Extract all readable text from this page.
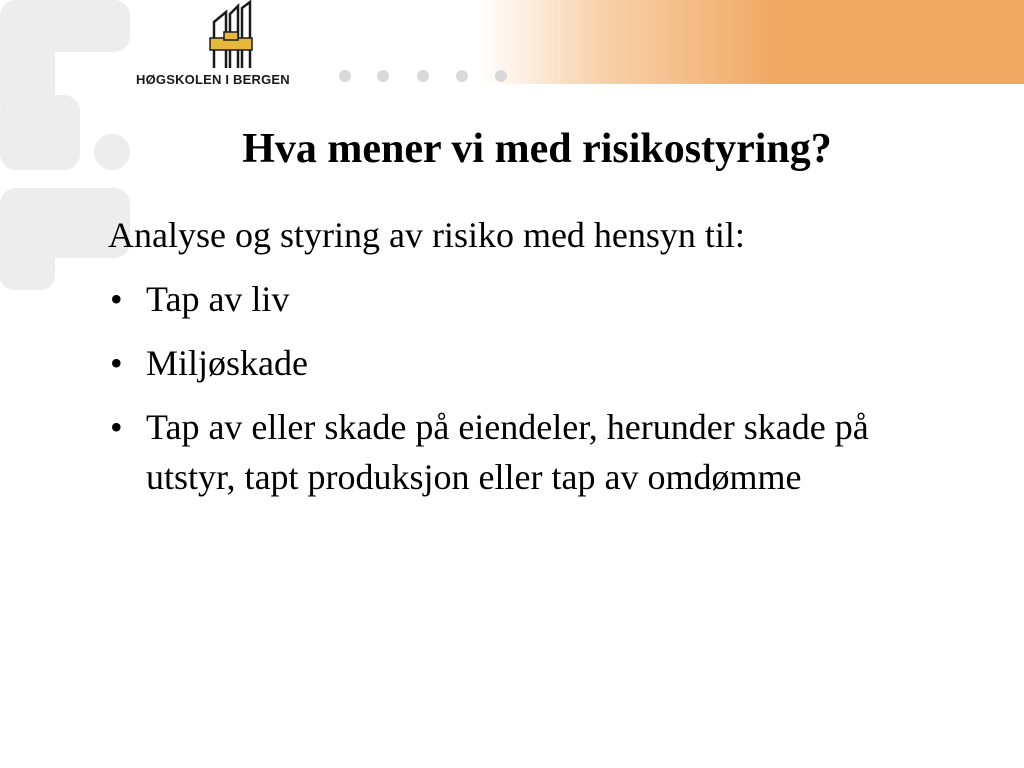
HØGSKOLEN I BERGEN
Hva mener vi med risikostyring?

Analyse og styring av risiko med hensyn til:

• Tap av liv
• Miljøskade
• Tap av eller skade på eiendeler, herunder skade på utstyr, tapt produksjon eller tap av omdømme
